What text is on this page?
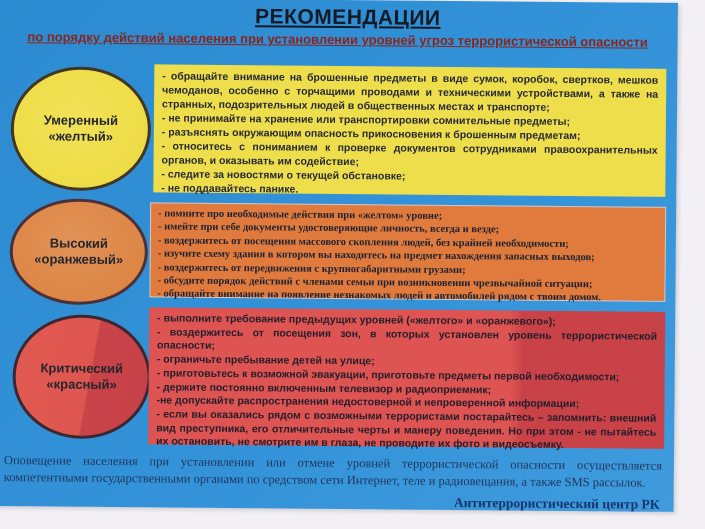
РЕКОМЕНДАЦИИ
по порядку действий населения при установлении уровней угроз террористической опасности
Умеренный
«желтый»
- обращайте внимание на брошенные предметы в виде сумок, коробок, свертков, мешков чемоданов, особенно с торчащими проводами и техническими устройствами, а также на странных, подозрительных людей в общественных местах и транспорте;
- не принимайте на хранение или транспортировки сомнительные предметы;
- разъяснять окружающим опасность прикосновения к брошенным предметам;
- относитесь с пониманием к проверке документов сотрудниками правоохранительных органов, и оказывать им содействие;
- следите за новостями о текущей обстановке;
- не поддавайтесь панике.
Высокий
«оранжевый»
- помните про необходимые действия при «желтом» уровне;
- имейте при себе документы удостоверяющие личность, всегда и везде;
- воздержитесь от посещения массового скопления людей, без крайней необходимости;
- изучите схему здания в котором вы находитесь на предмет нахождения запасных выходов;
- воздержитесь от передвижения с крупногабаритными грузами;
- обсудите порядок действий с членами семьи при возникновении чрезвычайной ситуации;
- обращайте внимание на появление незнакомых людей и автомобилей рядом с твоим домом.
Критический
«красный»
- выполните требование предыдущих уровней («желтого» и «оранжевого»);
- воздержитесь от посещения зон, в которых установлен уровень террористической опасности;
- ограничьте пребывание детей на улице;
- приготовьтесь к возможной эвакуации, приготовьте предметы первой необходимости;
- держите постоянно включенным телевизор и радиоприемник;
-не допускайте распространения недостоверной и непроверенной информации;
- если вы оказались рядом с возможными террористами постарайтесь – запомнить: внешний вид преступника, его отличительные черты и манеру поведения. Но при этом - не пытайтесь их остановить, не смотрите им в глаза, не проводите их фото и видеосъемку.
Оповещение населения при установлении или отмене уровней террористической опасности осуществляется компетентными государственными органами по средством сети Интернет, теле и радиовещания, а также SMS рассылок.
Антитеррористический центр РК
